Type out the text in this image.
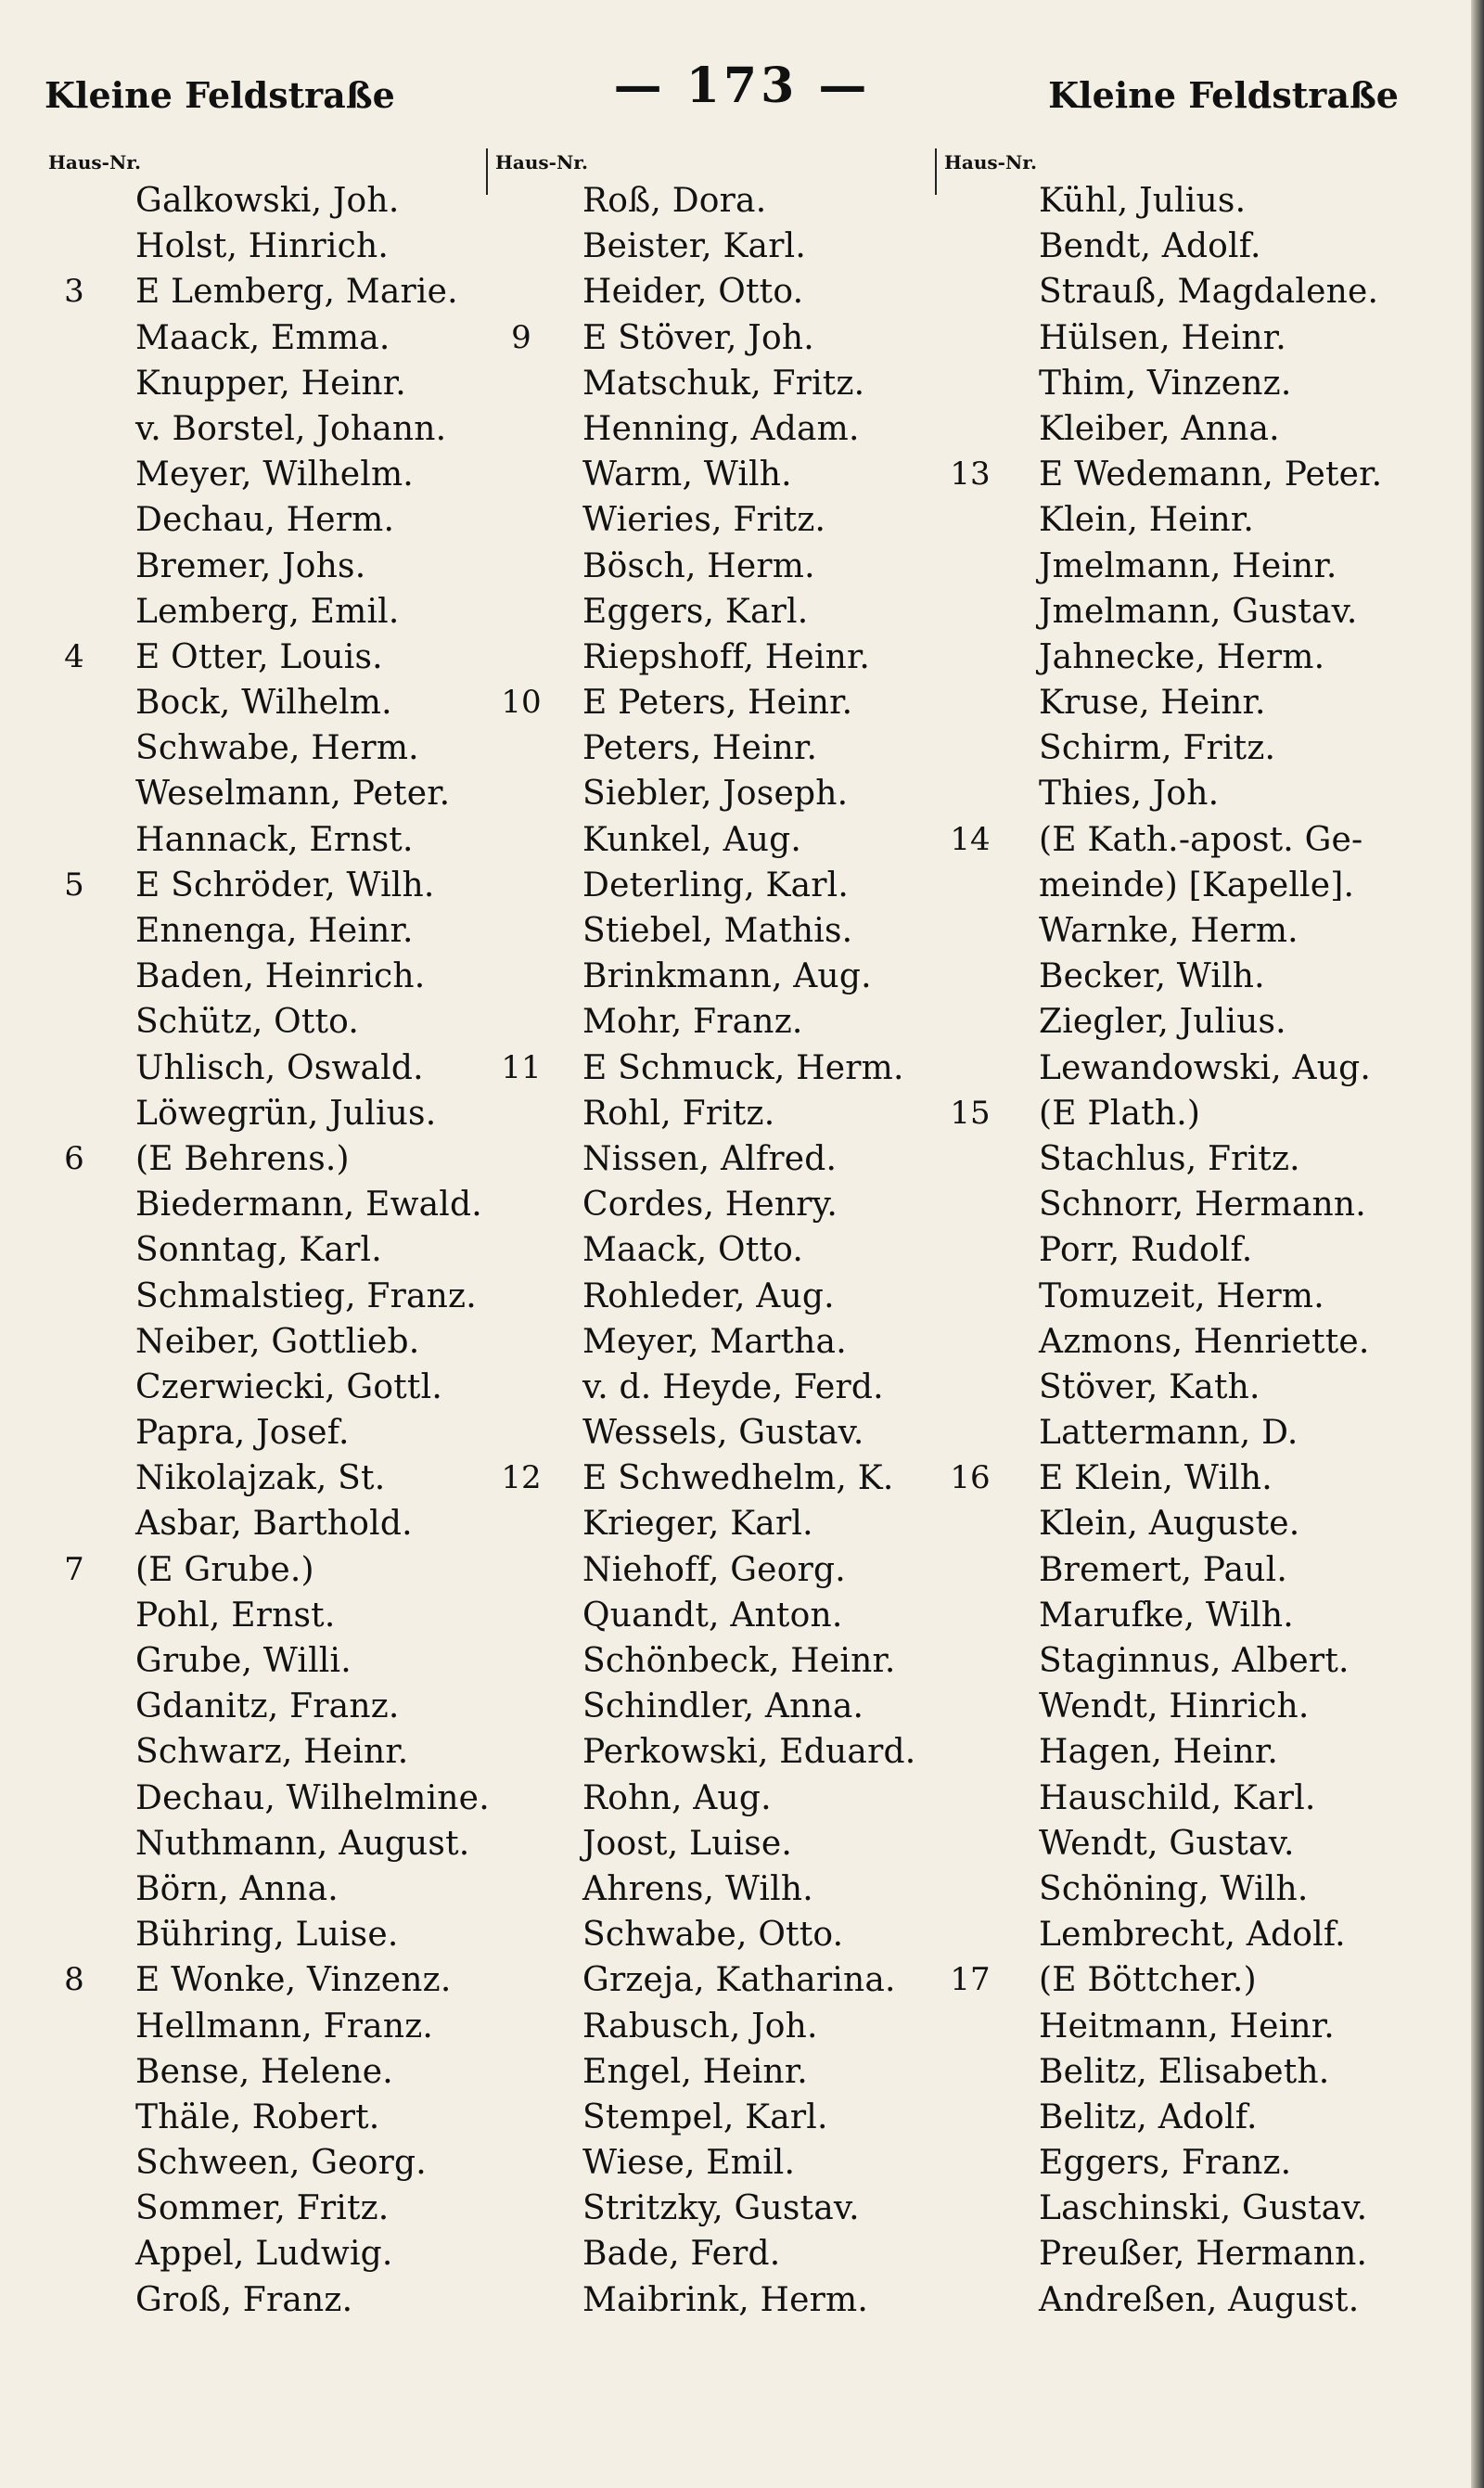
Kleine Feldstraße	— 173 —	Kleine Feldstraße
Haus-Nr.
Galkowski, Joh.
Holst, Hinrich.
3	E Lemberg, Marie.
Maack, Emma.
Knupper, Heinr.
v. Borstel, Johann.
Meyer, Wilhelm.
Dechau, Herm.
Bremer, Johs.
Lemberg, Emil.
4	E Otter, Louis.
Bock, Wilhelm.
Schwabe, Herm.
Weselmann, Peter.
Hannack, Ernst.
5	E Schröder, Wilh.
Ennenga, Heinr.
Baden, Heinrich.
Schütz, Otto.
Uhlisch, Oswald.
Löwegrün, Julius.
6	(E Behrens.)
Biedermann, Ewald.
Sonntag, Karl.
Schmalstieg, Franz.
Neiber, Gottlieb.
Czerwiecki, Gottl.
Papra, Josef.
Nikolajzak, St.
Asbar, Barthold.
7	(E Grube.)
Pohl, Ernst.
Grube, Willi.
Gdanitz, Franz.
Schwarz, Heinr.
Dechau, Wilhelmine.
Nuthmann, August.
Börn, Anna.
Bühring, Luise.
8	E Wonke, Vinzenz.
Hellmann, Franz.
Bense, Helene.
Thäle, Robert.
Schween, Georg.
Sommer, Fritz.
Appel, Ludwig.
Groß, Franz.
Haus-Nr.
Roß, Dora.
Beister, Karl.
Heider, Otto.
9	E Stöver, Joh.
Matschuk, Fritz.
Henning, Adam.
Warm, Wilh.
Wieries, Fritz.
Bösch, Herm.
Eggers, Karl.
Riepshoff, Heinr.
10 E Peters, Heinr.
Peters, Heinr.
Siebler, Joseph.
Kunkel, Aug.
Deterling, Karl.
Stiebel, Mathis.
Brinkmann, Aug.
Mohr, Franz.
11 E Schmuck, Herm.
Rohl, Fritz.
Nissen, Alfred.
Cordes, Henry.
Maack, Otto.
Rohleder, Aug.
Meyer, Martha.
v. d. Heyde, Ferd.
Wessels, Gustav.
12 E Schwedhelm, K.
Krieger, Karl.
Niehoff, Georg.
Quandt, Anton.
Schönbeck, Heinr.
Schindler, Anna.
Perkowski, Eduard.
Rohn, Aug.
Joost, Luise.
Ahrens, Wilh.
Schwabe, Otto.
Grzeja, Katharina.
Rabusch, Joh.
Engel, Heinr.
Stempel, Karl.
Wiese, Emil.
Stritzky, Gustav.
Bade, Ferd.
Maibrink, Herm.
Haus-Nr.
Kühl, Julius.
Bendt, Adolf.
Strauß, Magdalene.
Hülsen, Heinr.
Thim, Vinzenz.
Kleiber, Anna.
13 E Wedemann, Peter.
Klein, Heinr.
Jmelmann, Heinr.
Jmelmann, Gustav.
Jahnecke, Herm.
Kruse, Heinr.
Schirm, Fritz.
Thies, Joh.
14 (E Kath.-apost. Ge-
meinde) [Kapelle].
Warnke, Herm.
Becker, Wilh.
Ziegler, Julius.
Lewandowski, Aug.
15 (E Plath.)
Stachlus, Fritz.
Schnorr, Hermann.
Porr, Rudolf.
Tomuzeit, Herm.
Azmons, Henriette.
Stöver, Kath.
Lattermann, D.
16 E Klein, Wilh.
Klein, Auguste.
Bremert, Paul.
Marufke, Wilh.
Staginnus, Albert.
Wendt, Hinrich.
Hagen, Heinr.
Hauschild, Karl.
Wendt, Gustav.
Schöning, Wilh.
Lembrecht, Adolf.
17 (E Böttcher.)
Heitmann, Heinr.
Belitz, Elisabeth.
Belitz, Adolf.
Eggers, Franz.
Laschinski, Gustav.
Preußer, Hermann.
Andreßen, August.
